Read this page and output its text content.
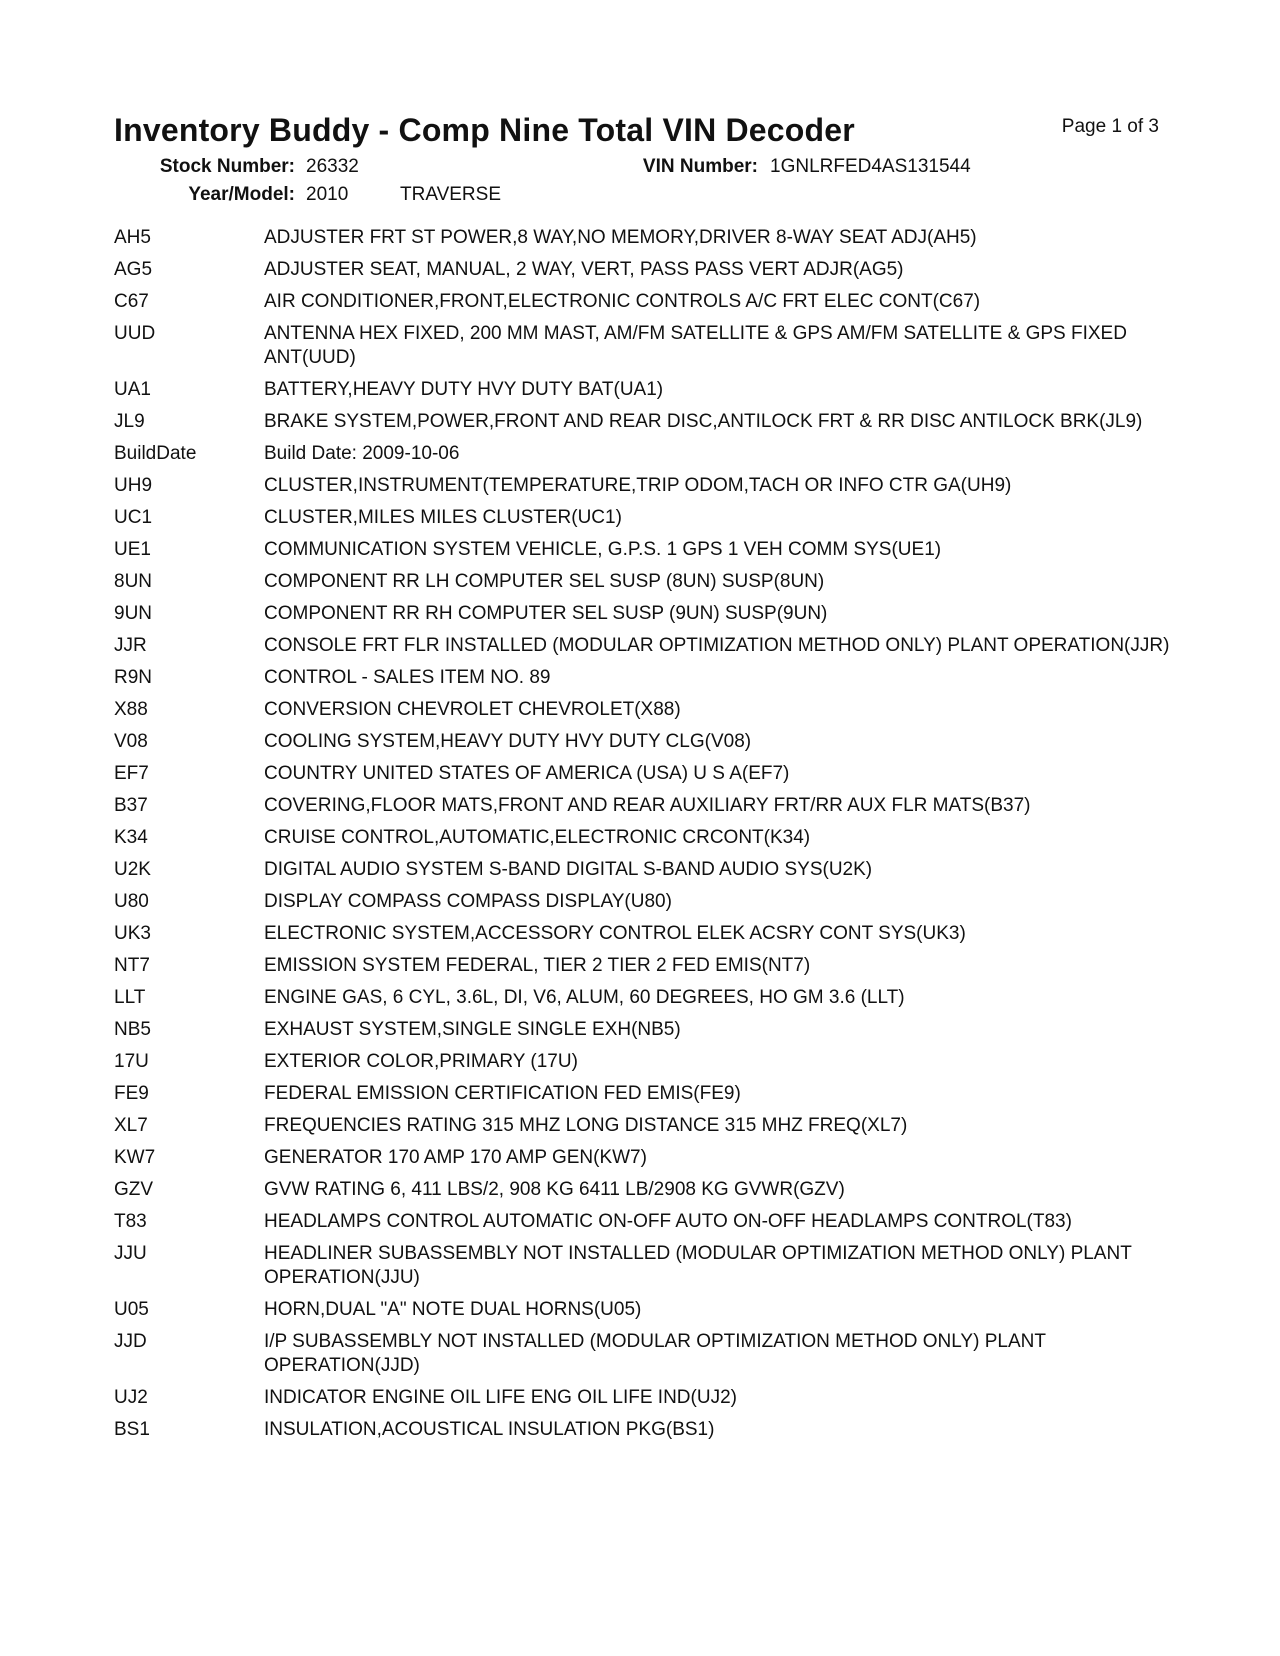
Inventory Buddy - Comp Nine Total VIN Decoder	Page 1 of 3
Stock Number: 26332	VIN Number: 1GNLRFED4AS131544
Year/Model: 2010	TRAVERSE
AH5	ADJUSTER FRT ST POWER,8 WAY,NO MEMORY,DRIVER 8-WAY SEAT ADJ(AH5)
AG5	ADJUSTER SEAT, MANUAL, 2 WAY, VERT, PASS PASS VERT ADJR(AG5)
C67	AIR CONDITIONER,FRONT,ELECTRONIC CONTROLS A/C FRT ELEC CONT(C67)
UUD	ANTENNA HEX FIXED, 200 MM MAST, AM/FM SATELLITE & GPS AM/FM SATELLITE & GPS FIXED ANT(UUD)
UA1	BATTERY,HEAVY DUTY HVY DUTY BAT(UA1)
JL9	BRAKE SYSTEM,POWER,FRONT AND REAR DISC,ANTILOCK FRT & RR DISC ANTILOCK BRK(JL9)
BuildDate	Build Date: 2009-10-06
UH9	CLUSTER,INSTRUMENT(TEMPERATURE,TRIP ODOM,TACH OR INFO CTR GA(UH9)
UC1	CLUSTER,MILES MILES CLUSTER(UC1)
UE1	COMMUNICATION SYSTEM VEHICLE, G.P.S. 1 GPS 1 VEH COMM SYS(UE1)
8UN	COMPONENT RR LH COMPUTER SEL SUSP (8UN) SUSP(8UN)
9UN	COMPONENT RR RH COMPUTER SEL SUSP (9UN) SUSP(9UN)
JJR	CONSOLE FRT FLR INSTALLED (MODULAR OPTIMIZATION METHOD ONLY) PLANT OPERATION(JJR)
R9N	CONTROL - SALES ITEM NO. 89
X88	CONVERSION CHEVROLET CHEVROLET(X88)
V08	COOLING SYSTEM,HEAVY DUTY HVY DUTY CLG(V08)
EF7	COUNTRY UNITED STATES OF AMERICA (USA) U S A(EF7)
B37	COVERING,FLOOR MATS,FRONT AND REAR AUXILIARY FRT/RR AUX FLR MATS(B37)
K34	CRUISE CONTROL,AUTOMATIC,ELECTRONIC CRCONT(K34)
U2K	DIGITAL AUDIO SYSTEM S-BAND DIGITAL S-BAND AUDIO SYS(U2K)
U80	DISPLAY COMPASS COMPASS DISPLAY(U80)
UK3	ELECTRONIC SYSTEM,ACCESSORY CONTROL ELEK ACSRY CONT SYS(UK3)
NT7	EMISSION SYSTEM FEDERAL, TIER 2 TIER 2 FED EMIS(NT7)
LLT	ENGINE GAS, 6 CYL, 3.6L, DI, V6, ALUM, 60 DEGREES, HO GM 3.6 (LLT)
NB5	EXHAUST SYSTEM,SINGLE SINGLE EXH(NB5)
17U	EXTERIOR COLOR,PRIMARY (17U)
FE9	FEDERAL EMISSION CERTIFICATION FED EMIS(FE9)
XL7	FREQUENCIES RATING 315 MHZ LONG DISTANCE 315 MHZ FREQ(XL7)
KW7	GENERATOR 170 AMP 170 AMP GEN(KW7)
GZV	GVW RATING 6, 411 LBS/2, 908 KG 6411 LB/2908 KG GVWR(GZV)
T83	HEADLAMPS CONTROL AUTOMATIC ON-OFF AUTO ON-OFF HEADLAMPS CONTROL(T83)
JJU	HEADLINER SUBASSEMBLY NOT INSTALLED (MODULAR OPTIMIZATION METHOD ONLY) PLANT OPERATION(JJU)
U05	HORN,DUAL "A" NOTE DUAL HORNS(U05)
JJD	I/P SUBASSEMBLY NOT INSTALLED (MODULAR OPTIMIZATION METHOD ONLY) PLANT OPERATION(JJD)
UJ2	INDICATOR ENGINE OIL LIFE ENG OIL LIFE IND(UJ2)
BS1	INSULATION,ACOUSTICAL INSULATION PKG(BS1)
